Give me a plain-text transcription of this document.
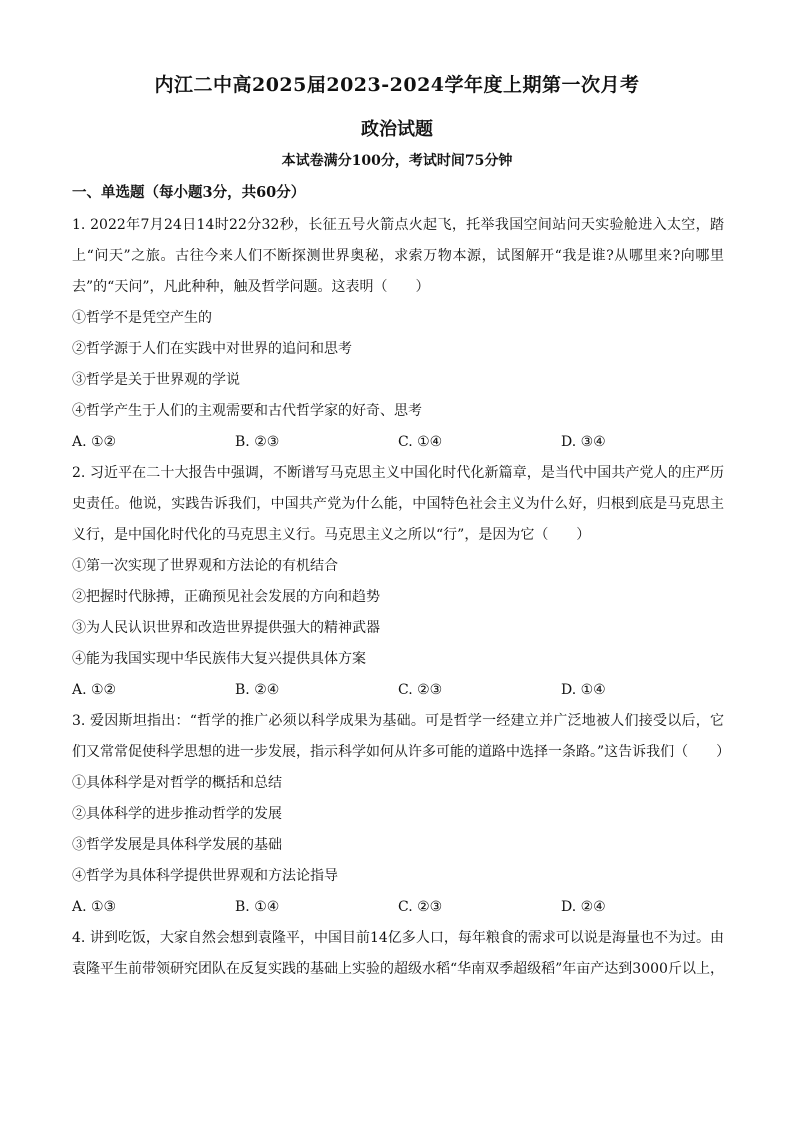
内江二中高2025届2023-2024学年度上期第一次月考
政治试题
本试卷满分100分，考试时间75分钟
一、单选题（每小题3分，共60分）

1. 2022年7月24日14时22分32秒，长征五号火箭点火起飞，托举我国空间站问天实验舱进入太空，踏上“问天”之旅。古往今来人们不断探测世界奥秘，求索万物本源，试图解开“我是谁?从哪里来?向哪里去”的“天问”，凡此种种，触及哲学问题。这表明（　　）

①哲学不是凭空产生的

②哲学源于人们在实践中对世界的追问和思考

③哲学是关于世界观的学说

④哲学产生于人们的主观需要和古代哲学家的好奇、思考

A. ①②	B. ②③	C. ①④	D. ③④

2. 习近平在二十大报告中强调，不断谱写马克思主义中国化时代化新篇章，是当代中国共产党人的庄严历史责任。他说，实践告诉我们，中国共产党为什么能，中国特色社会主义为什么好，归根到底是马克思主义行，是中国化时代化的马克思主义行。马克思主义之所以“行”，是因为它（　　）

①第一次实现了世界观和方法论的有机结合

②把握时代脉搏，正确预见社会发展的方向和趋势

③为人民认识世界和改造世界提供强大的精神武器

④能为我国实现中华民族伟大复兴提供具体方案

A. ①②	B. ②④	C. ②③	D. ①④

3. 爱因斯坦指出：“哲学的推广必须以科学成果为基础。可是哲学一经建立并广泛地被人们接受以后，它们又常常促使科学思想的进一步发展，指示科学如何从许多可能的道路中选择一条路。”这告诉我们（　　）

①具体科学是对哲学的概括和总结

②具体科学的进步推动哲学的发展

③哲学发展是具体科学发展的基础

④哲学为具体科学提供世界观和方法论指导

A. ①③	B. ①④	C. ②③	D. ②④

4. 讲到吃饭，大家自然会想到袁隆平，中国目前14亿多人口，每年粮食的需求可以说是海量也不为过。由袁隆平生前带领研究团队在反复实践的基础上实验的超级水稻“华南双季超级稻”年亩产达到3000斤以上，
